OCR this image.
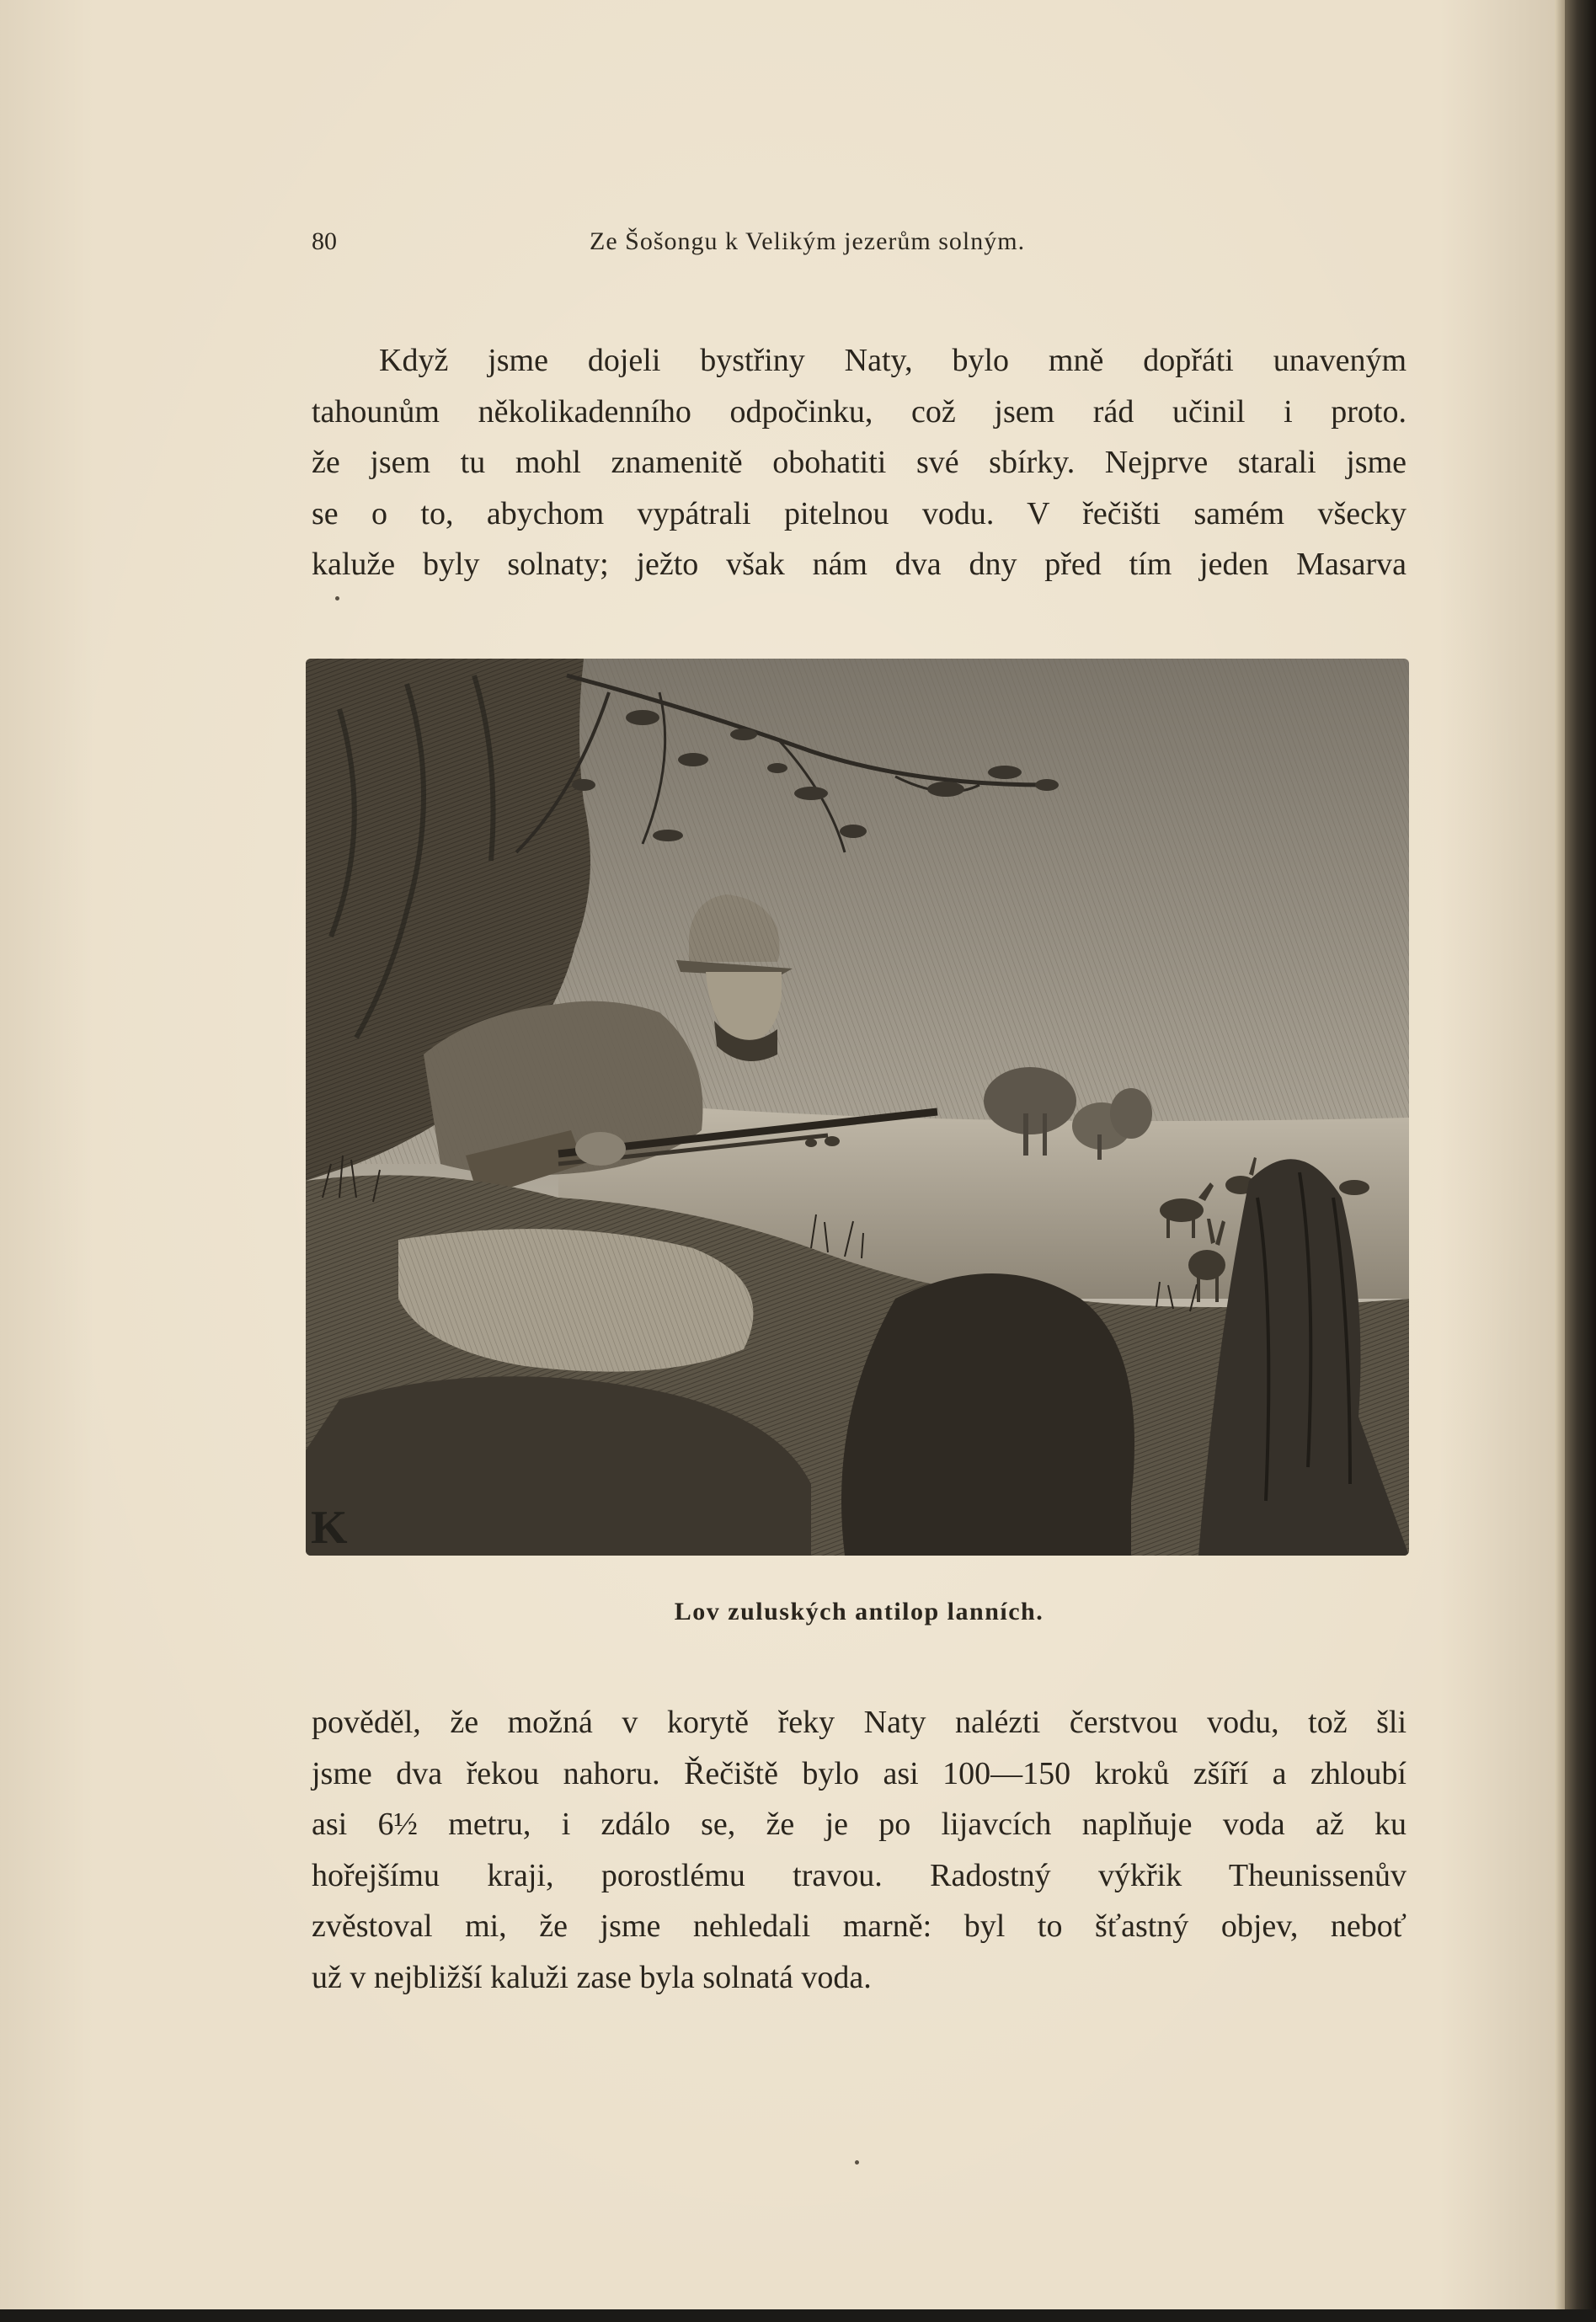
80	Ze Šošongu k Velikým jezerům solným.

Když jsme dojeli bystřiny Naty, bylo mně dopřáti unaveným
tahounům několikadenního odpočinku, což jsem rád učinil i proto.
že jsem tu mohl znamenitě obohatiti své sbírky. Nejprve starali jsme
se o to, abychom vypátrali pitelnou vodu. V řečišti samém všecky
kaluže byly solnaty; ježto však nám dva dny před tím jeden Masarva

K
Lov zuluských antilop lanních.

pověděl, že možná v korytě řeky Naty nalézti čerstvou vodu, tož šli
jsme dva řekou nahoru. Řečiště bylo asi 100—150 kroků zšíří a zhloubí
asi 6½ metru, i zdálo se, že je po lijavcích naplňuje voda až ku
hořejšímu kraji, porostlému travou. Radostný výkřik Theunissenův
zvěstoval mi, že jsme nehledali marně: byl to šťastný objev, neboť
už v nejbližší kaluži zase byla solnatá voda.
